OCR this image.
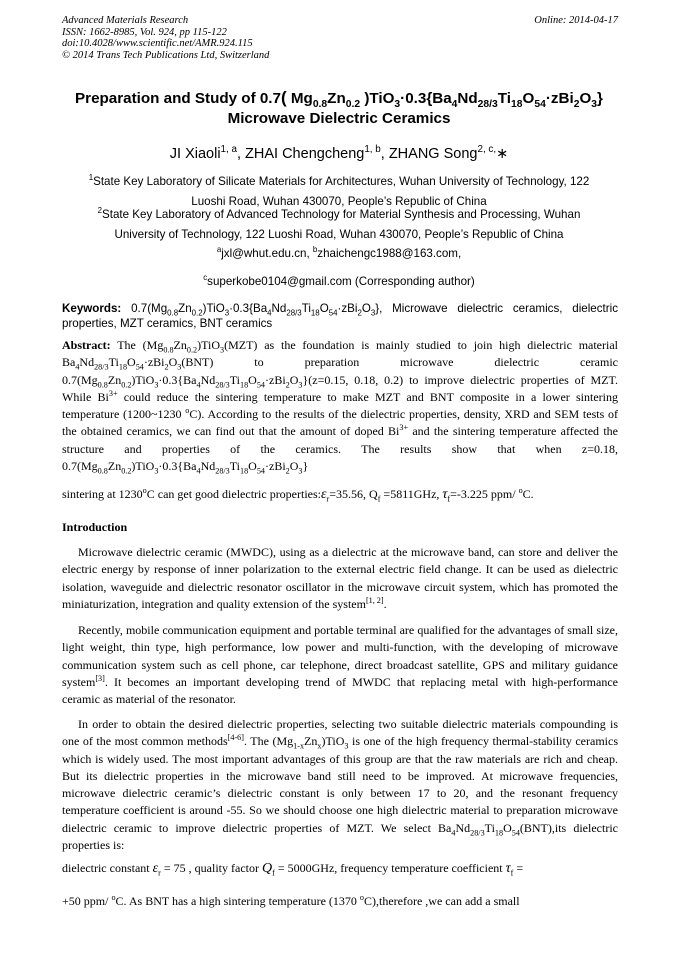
Advanced Materials Research
ISSN: 1662-8985, Vol. 924, pp 115-122
doi:10.4028/www.scientific.net/AMR.924.115
© 2014 Trans Tech Publications Ltd, Switzerland
Online: 2014-04-17
Preparation and Study of 0.7( $Mg_{0.8}Zn_{0.2}$ )$TiO_3\cdot 0.3\{Ba_4Nd_{28/3}Ti_{18}O_{54}\cdot zBi_2O_3\}$
Microwave Dielectric Ceramics
JI Xiaoli$^{1, a}$, ZHAI Chengcheng$^{1, b}$, ZHANG Song$^{2, c,}$∗
$^1$State Key Laboratory of Silicate Materials for Architectures, Wuhan University of Technology, 122
Luoshi Road, Wuhan 430070, People’s Republic of China
$^2$State Key Laboratory of Advanced Technology for Material Synthesis and Processing, Wuhan
University of Technology, 122 Luoshi Road, Wuhan 430070, People’s Republic of China
$^a$jxl@whut.edu.cn, $^b$zhaichengc1988@163.com,
$^c$superkobe0104@gmail.com (Corresponding author)
Keywords: $0.7(Mg_{0.8}Zn_{0.2})TiO_3\cdot 0.3\{Ba_4Nd_{28/3}Ti_{18}O_{54}\cdot zBi_2O_3\}$, Microwave dielectric ceramics, dielectric properties, MZT ceramics, BNT ceramics
Abstract: The $(Mg_{0.8}Zn_{0.2})TiO_3(MZT)$ as the foundation is mainly studied to join high dielectric material $Ba_4Nd_{28/3}Ti_{18}O_{54}\cdot zBi_2O_3(BNT)$ to preparation microwave dielectric ceramic $0.7(Mg_{0.8}Zn_{0.2})TiO_3\cdot 0.3\{Ba_4Nd_{28/3}Ti_{18}O_{54}\cdot zBi_2O_3\}(z=0.15$, 0.18, 0.2) to improve dielectric properties of MZT. While $Bi^{3+}$ could reduce the sintering temperature to make MZT and BNT composite in a lower sintering temperature (1200~1230 $^o$C). According to the results of the dielectric properties, density, XRD and SEM tests of the obtained ceramics, we can find out that the amount of doped $Bi^{3+}$ and the sintering temperature affected the structure and properties of the ceramics. The results show that when z=0.18, $0.7(Mg_{0.8}Zn_{0.2})TiO_3\cdot 0.3\{Ba_4Nd_{28/3}Ti_{18}O_{54}\cdot zBi_2O_3\}$
sintering at 1230$^o$C can get good dielectric $properties:\varepsilon_r=35.56$, $Q_f =5811GHz$, $\tau_f=-3.225$ ppm/ $^o$C.
Introduction
Microwave dielectric ceramic (MWDC), using as a dielectric at the microwave band, can store and deliver the electric energy by response of inner polarization to the external electric field change. It can be used as dielectric isolation, waveguide and dielectric resonator oscillator in the microwave circuit system, which has promoted the miniaturization, integration and quality extension of the system[1, 2].
Recently, mobile communication equipment and portable terminal are qualified for the advantages of small size, light weight, thin type, high performance, low power and multi-function, with the developing of microwave communication system such as cell phone, car telephone, direct broadcast satellite, GPS and military guidance system[3]. It becomes an important developing trend of MWDC that replacing metal with high-performance ceramic as material of the resonator.
In order to obtain the desired dielectric properties, selecting two suitable dielectric materials compounding is one of the most common methods[4-6]. The $(Mg_{1-x}Zn_x)TiO_3$ is one of the high frequency thermal-stability ceramics which is widely used. The most important advantages of this group are that the raw materials are rich and cheap. But its dielectric properties in the microwave band still need to be improved. At microwave frequencies, microwave dielectric ceramic’s dielectric constant is only between 17 to 20, and the resonant frequency temperature coefficient is around -55. So we should choose one high dielectric material to preparation microwave dielectric ceramic to improve dielectric properties of MZT. We select $Ba_4Nd_{28/3}Ti_{18}O_{54}(BNT),its$ dielectric properties is:
dielectric constant $\varepsilon_r = 75$ , quality factor $Q_f = 5000GHz$, frequency temperature coefficient $\tau_f$ =
+50 ppm/ $^o$C. As BNT has a high sintering temperature (1370 $^o$C),therefore ,we can add a small
